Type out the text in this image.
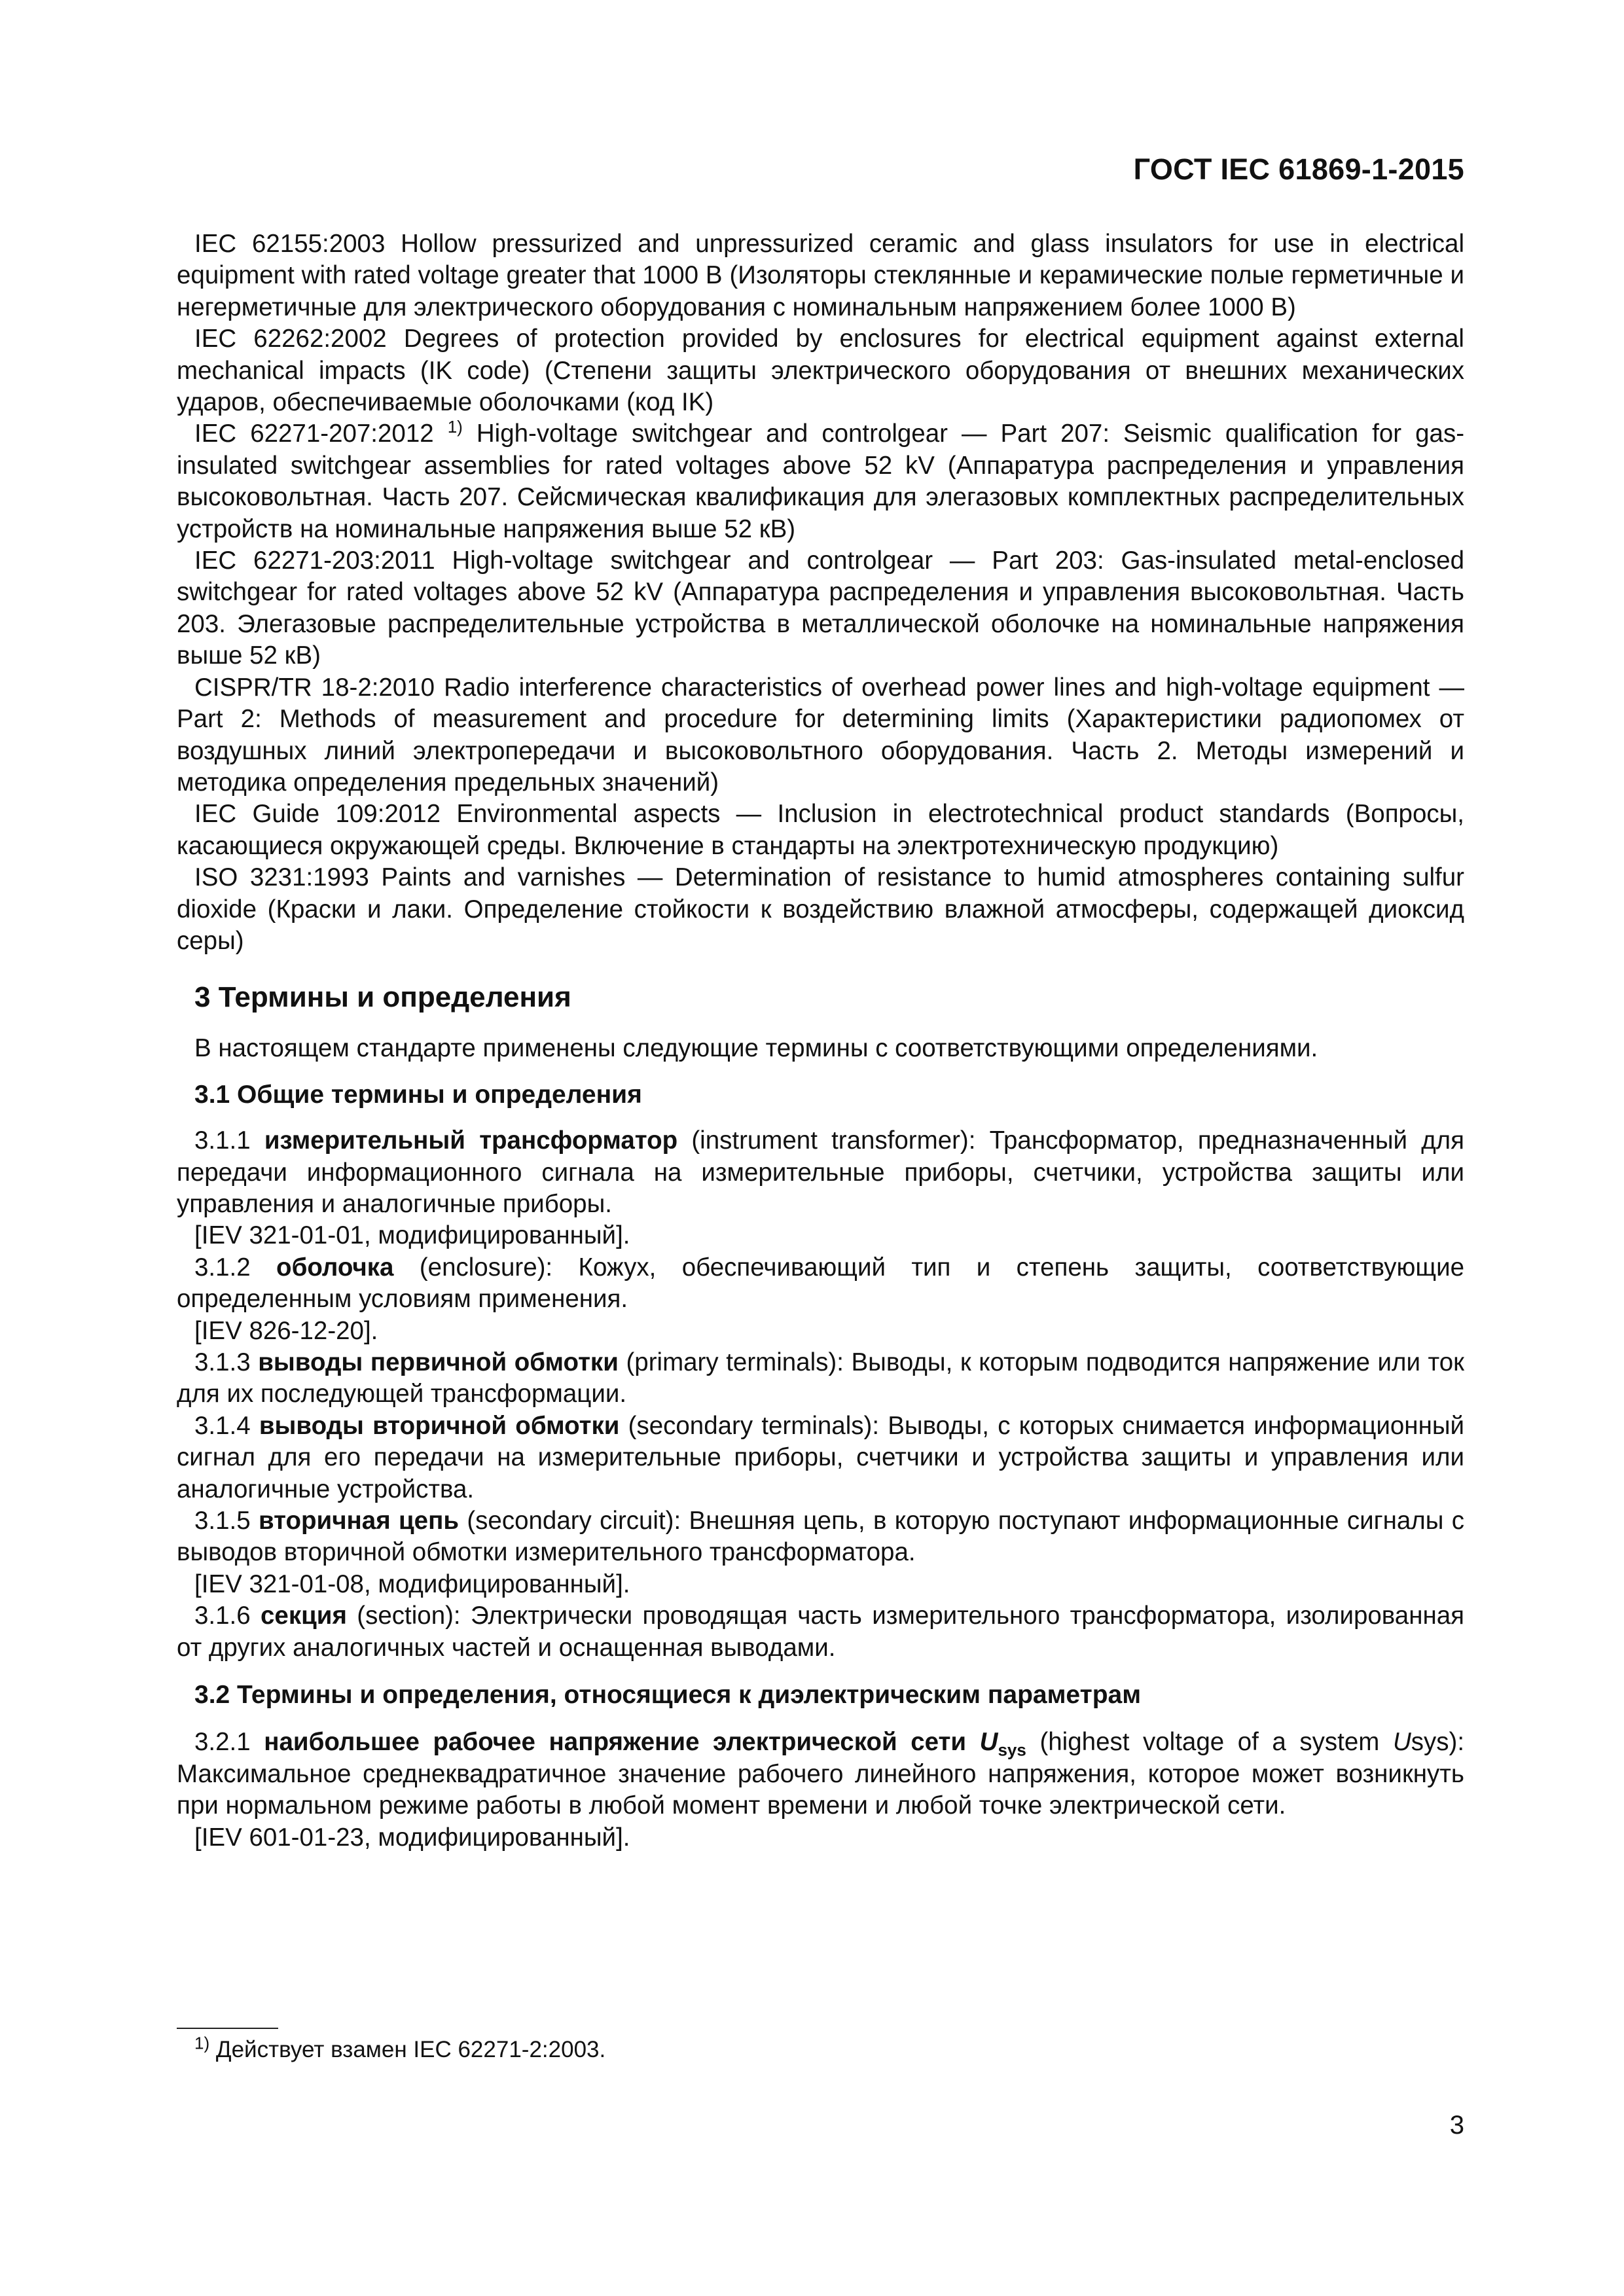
ГОСТ IEC 61869-1-2015

IEC 62155:2003 Hollow pressurized and unpressurized ceramic and glass insulators for use in electrical equipment with rated voltage greater that 1000 В (Изоляторы стеклянные и керамические полые герметичные и негерметичные для электрического оборудования с номинальным напряжением более 1000 В)

IEC 62262:2002 Degrees of protection provided by enclosures for electrical equipment against external mechanical impacts (IK code) (Степени защиты электрического оборудования от внешних механических ударов, обеспечиваемые оболочками (код IK)

IEC 62271-207:2012 $^{1)}$ High-voltage switchgear and controlgear — Part 207: Seismic qualification for gas-insulated switchgear assemblies for rated voltages above 52 kV (Аппаратура распределения и управления высоковольтная. Часть 207. Сейсмическая квалификация для элегазовых комплектных распределительных устройств на номинальные напряжения выше 52 кВ)

IEC 62271-203:2011 High-voltage switchgear and controlgear — Part 203: Gas-insulated metal-enclosed switchgear for rated voltages above 52 kV (Аппаратура распределения и управления высоковольтная. Часть 203. Элегазовые распределительные устройства в металлической оболочке на номинальные напряжения выше 52 кВ)

CISPR/TR 18-2:2010 Radio interference characteristics of overhead power lines and high-voltage equipment — Part 2: Methods of measurement and procedure for determining limits (Характеристики радиопомех от воздушных линий электропередачи и высоковольтного оборудования. Часть 2. Методы измерений и методика определения предельных значений)

IEC Guide 109:2012 Environmental aspects — Inclusion in electrotechnical product standards (Вопросы, касающиеся окружающей среды. Включение в стандарты на электротехническую продукцию)

ISO 3231:1993 Paints and varnishes — Determination of resistance to humid atmospheres containing sulfur dioxide (Краски и лаки. Определение стойкости к воздействию влажной атмосферы, содержащей диоксид серы)

3 Термины и определения
В настоящем стандарте применены следующие термины с соответствующими определениями.
3.1 Общие термины и определения

3.1.1 измерительный трансформатор (instrument transformer): Трансформатор, предназначенный для передачи информационного сигнала на измерительные приборы, счетчики, устройства защиты или управления и аналогичные приборы.

[IEV 321-01-01, модифицированный].

3.1.2 оболочка (enclosure): Кожух, обеспечивающий тип и степень защиты, соответствующие определенным условиям применения.

[IEV 826-12-20].

3.1.3 выводы первичной обмотки (primary terminals): Выводы, к которым подводится напряжение или ток для их последующей трансформации.

3.1.4 выводы вторичной обмотки (secondary terminals): Выводы, с которых снимается информационный сигнал для его передачи на измерительные приборы, счетчики и устройства защиты и управления или аналогичные устройства.

3.1.5 вторичная цепь (secondary circuit): Внешняя цепь, в которую поступают информационные сигналы с выводов вторичной обмотки измерительного трансформатора.

[IEV 321-01-08, модифицированный].

3.1.6 секция (section): Электрически проводящая часть измерительного трансформатора, изолированная от других аналогичных частей и оснащенная выводами.

3.2 Термины и определения, относящиеся к диэлектрическим параметрам

3.2.1 наибольшее рабочее напряжение электрической сети $U_{sys}$ (highest voltage of a system Usys): Максимальное среднеквадратичное значение рабочего линейного напряжения, которое может возникнуть при нормальном режиме работы в любой момент времени и любой точке электрической сети.

[IEV 601-01-23, модифицированный].

$^{1)}$ Действует взамен IEC 62271-2:2003.
3
